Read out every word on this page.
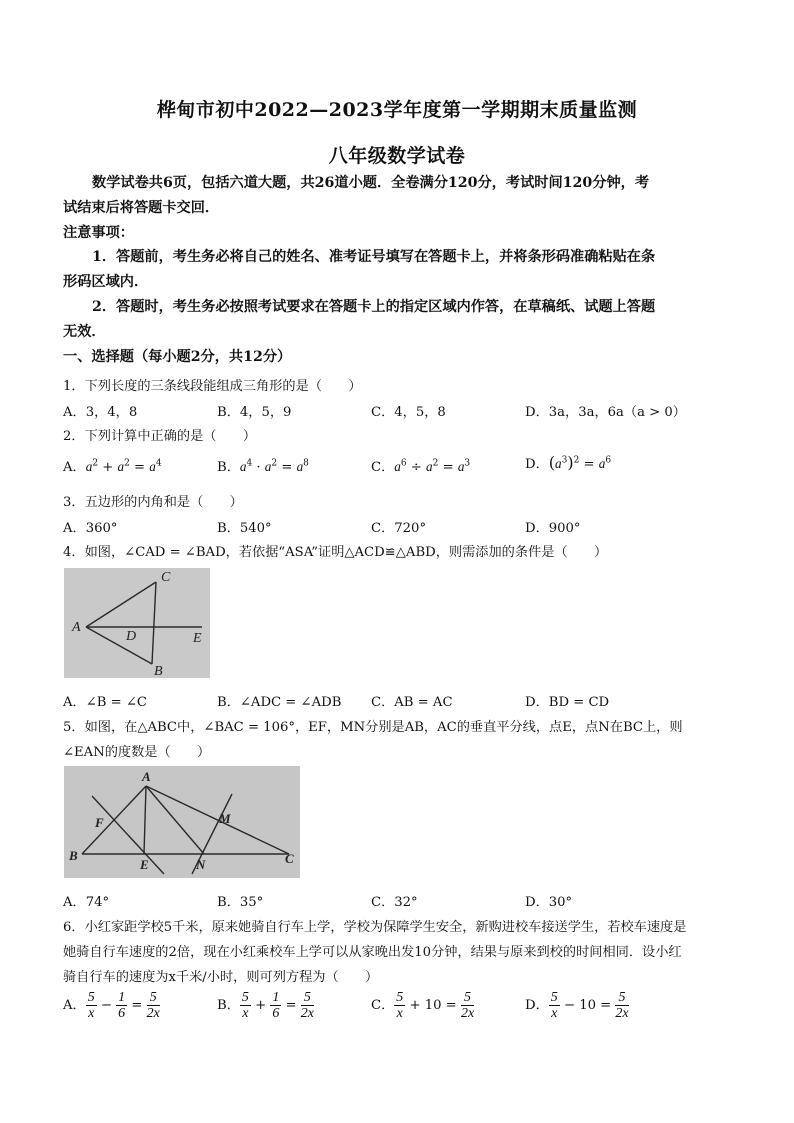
桦甸市初中2022—2023学年度第一学期期末质量监测
八年级数学试卷
数学试卷共6页，包括六道大题，共26道小题．全卷满分120分，考试时间120分钟，考
试结束后将答题卡交回．
注意事项：
1．答题前，考生务必将自己的姓名、准考证号填写在答题卡上，并将条形码准确粘贴在条
形码区域内．
2．答题时，考生务必按照考试要求在答题卡上的指定区域内作答，在草稿纸、试题上答题
无效．
一、选择题（每小题2分，共12分）
1．下列长度的三条线段能组成三角形的是（　　）
A．3，4，8	B．4，5，9	C．4，5，8	D．3a，3a，6a（a > 0）
2．下列计算中正确的是（　　）
A．$a^2 + a^2 = a^4$	B．$a^4 \cdot a^2 = a^8$	C．$a^6 \div a^2 = a^3$	D．$(a^3)^2 = a^6$
3．五边形的内角和是（　　）
A．360°	B．540°	C．720°	D．900°
4．如图，∠CAD = ∠BAD，若依据“ASA”证明△ACD≌△ABD，则需添加的条件是（　　）
A
C
D	E
B
A．∠B = ∠C	B．∠ADC = ∠ADB C．AB = AC	D．BD = CD
5．如图，在△ABC中，∠BAC = 106°，EF，MN分别是AB，AC的垂直平分线，点E，点N在BC上，则
∠EAN的度数是（　　）
A
F	M
B
E	N	C
A．74°	B．35°	C．32°	D．30°
6．小红家距学校5千米，原来她骑自行车上学，学校为保障学生安全，新购进校车接送学生，若校车速度是
她骑自行车速度的2倍，现在小红乘校车上学可以从家晚出发10分钟，结果与原来到校的时间相同．设小红
骑自行车的速度为x千米/小时，则可列方程为（　　）
A． $\frac{5}{x} - \frac{1}{6} = \frac{5}{2x}$	B． $\frac{5}{x} + \frac{1}{6} = \frac{5}{2x}$	C． $\frac{5}{x} + 10 = \frac{5}{2x}$	D． $\frac{5}{x} - 10 = \frac{5}{2x}$
